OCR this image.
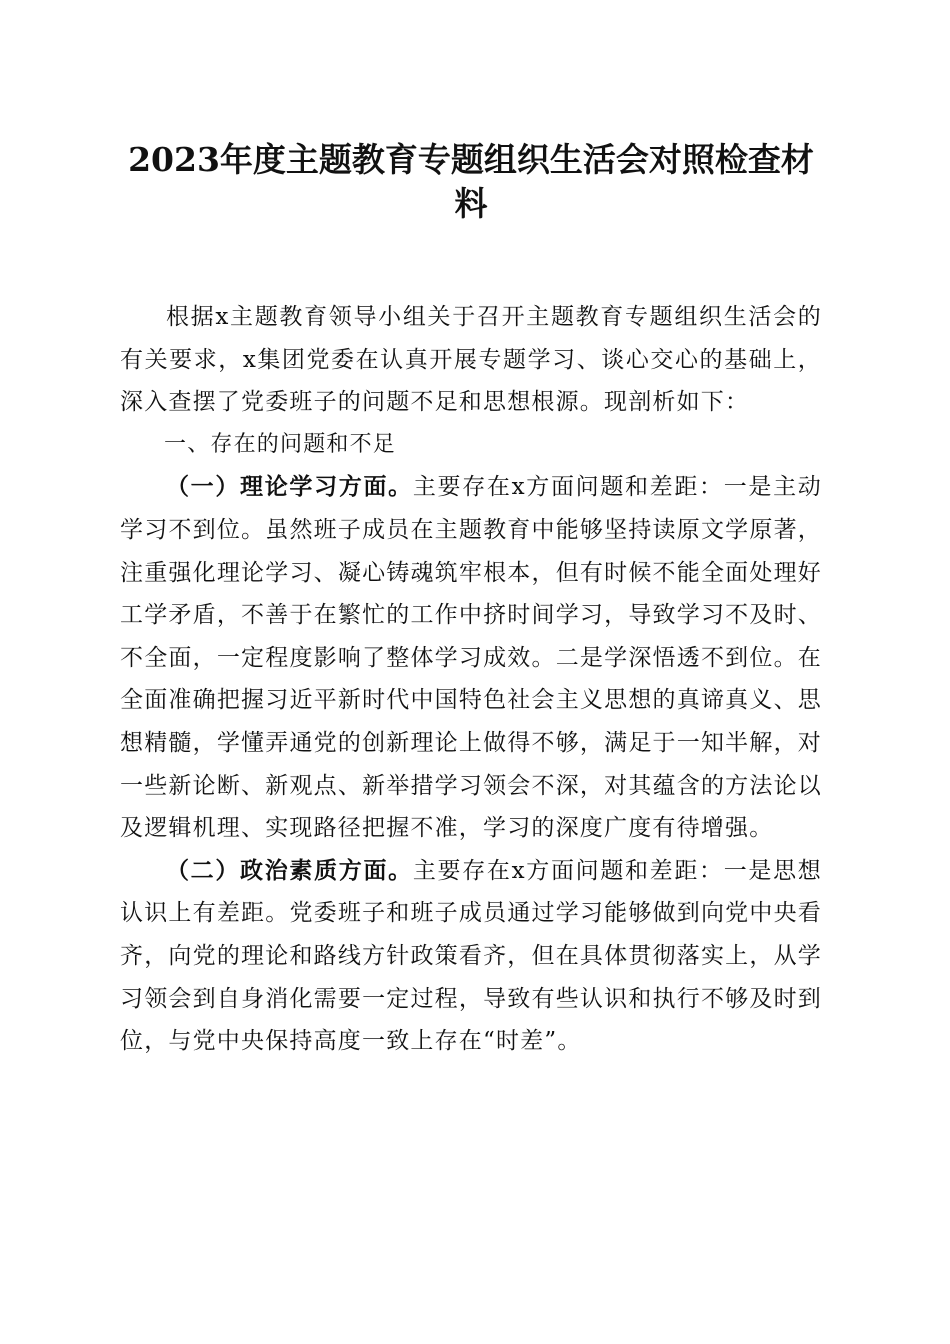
2023年度主题教育专题组织生活会对照检查材料

根据x主题教育领导小组关于召开主题教育专题组织生活会的有关要求，x集团党委在认真开展专题学习、谈心交心的基础上，深入查摆了党委班子的问题不足和思想根源。现剖析如下：

一、存在的问题和不足

（一）理论学习方面。主要存在x方面问题和差距：一是主动学习不到位。虽然班子成员在主题教育中能够坚持读原文学原著，注重强化理论学习、凝心铸魂筑牢根本，但有时候不能全面处理好工学矛盾，不善于在繁忙的工作中挤时间学习，导致学习不及时、不全面，一定程度影响了整体学习成效。二是学深悟透不到位。在全面准确把握习近平新时代中国特色社会主义思想的真谛真义、思想精髓，学懂弄通党的创新理论上做得不够，满足于一知半解，对一些新论断、新观点、新举措学习领会不深，对其蕴含的方法论以及逻辑机理、实现路径把握不准，学习的深度广度有待增强。

（二）政治素质方面。主要存在x方面问题和差距：一是思想认识上有差距。党委班子和班子成员通过学习能够做到向党中央看齐，向党的理论和路线方针政策看齐，但在具体贯彻落实上，从学习领会到自身消化需要一定过程，导致有些认识和执行不够及时到位，与党中央保持高度一致上存在“时差”。
